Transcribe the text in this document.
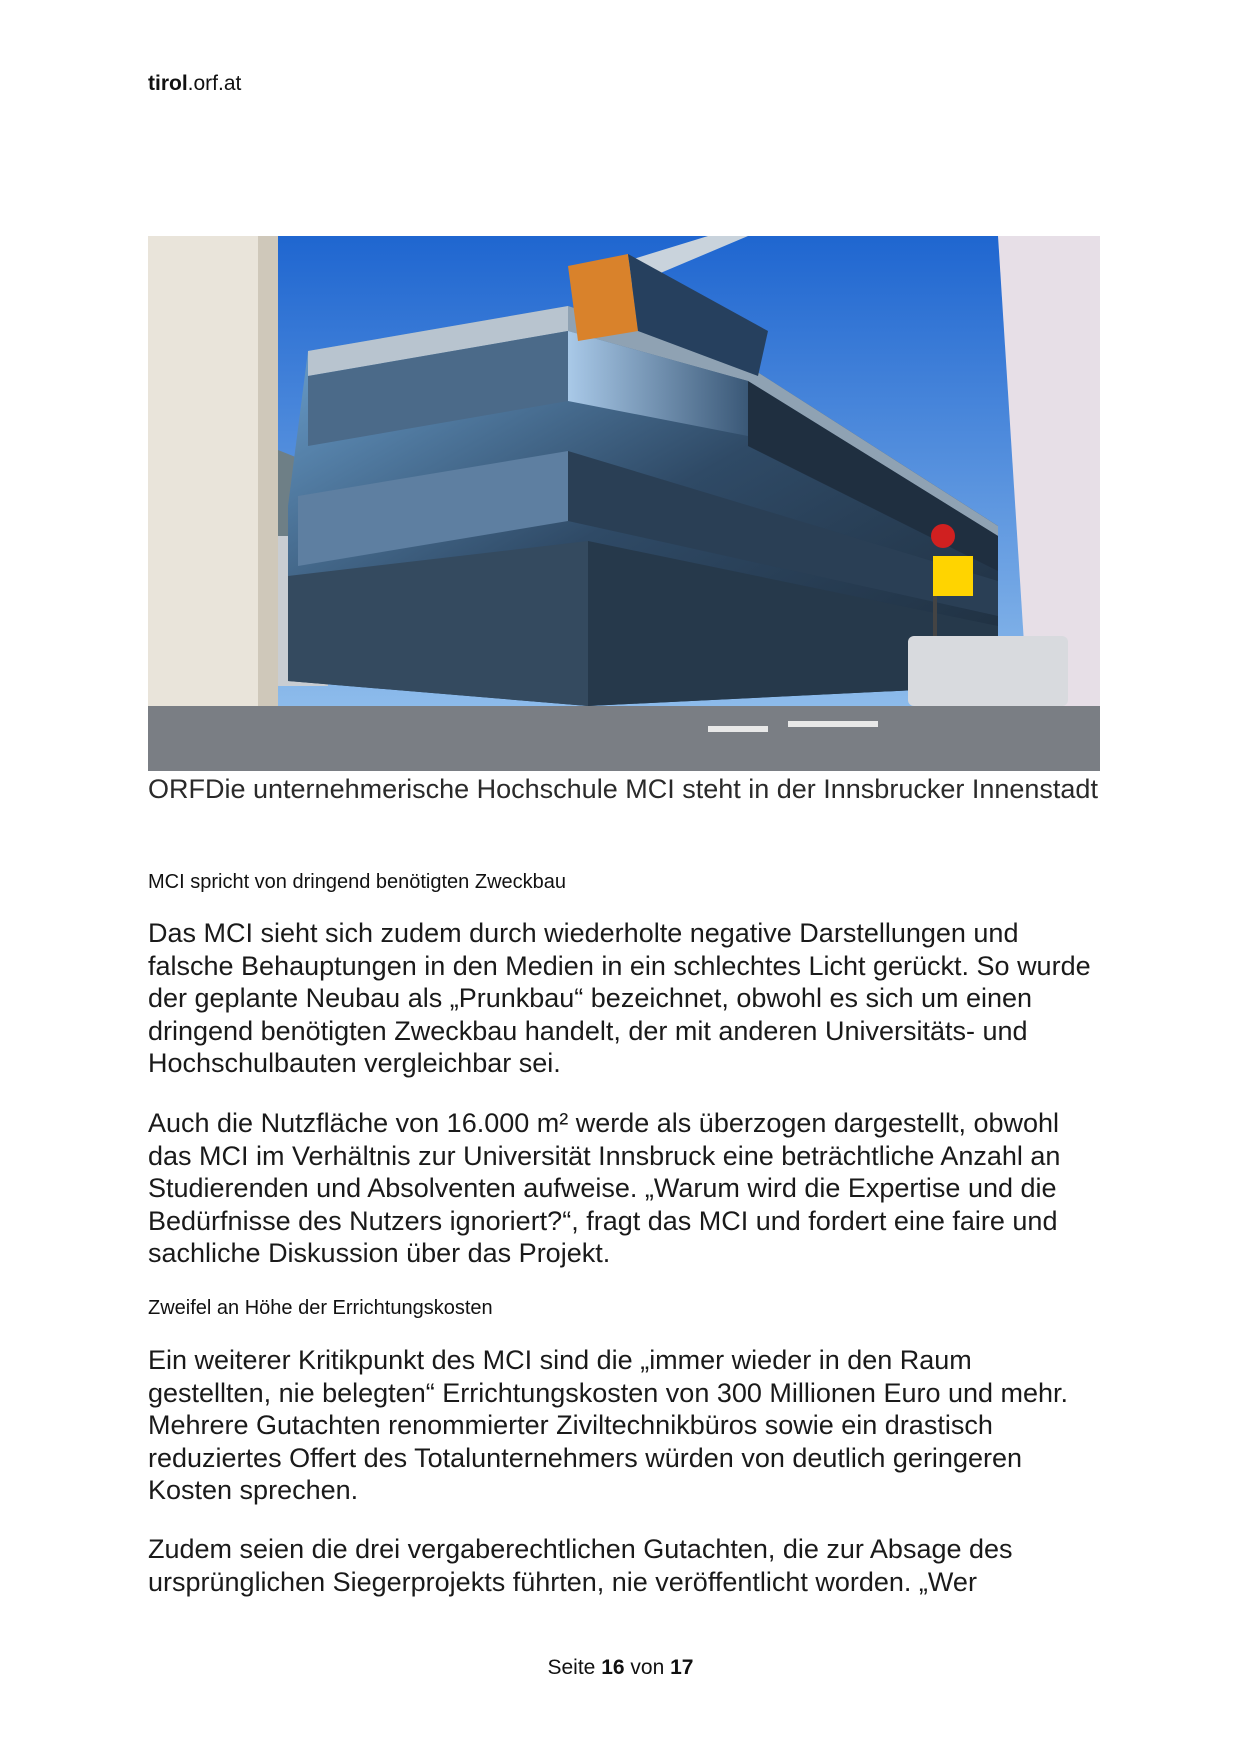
tirol.orf.at
ORFDie unternehmerische Hochschule MCI steht in der Innsbrucker Innenstadt
MCI spricht von dringend benötigten Zweckbau

Das MCI sieht sich zudem durch wiederholte negative Darstellungen und falsche Behauptungen in den Medien in ein schlechtes Licht gerückt. So wurde der geplante Neubau als „Prunkbau“ bezeichnet, obwohl es sich um einen dringend benötigten Zweckbau handelt, der mit anderen Universitäts- und Hochschulbauten vergleichbar sei.

Auch die Nutzfläche von 16.000 m² werde als überzogen dargestellt, obwohl das MCI im Verhältnis zur Universität Innsbruck eine beträchtliche Anzahl an Studierenden und Absolventen aufweise. „Warum wird die Expertise und die Bedürfnisse des Nutzers ignoriert?“, fragt das MCI und fordert eine faire und sachliche Diskussion über das Projekt.

Zweifel an Höhe der Errichtungskosten

Ein weiterer Kritikpunkt des MCI sind die „immer wieder in den Raum gestellten, nie belegten“ Errichtungskosten von 300 Millionen Euro und mehr. Mehrere Gutachten renommierter Ziviltechnikbüros sowie ein drastisch reduziertes Offert des Totalunternehmers würden von deutlich geringeren Kosten sprechen.

Zudem seien die drei vergaberechtlichen Gutachten, die zur Absage des ursprünglichen Siegerprojekts führten, nie veröffentlicht worden. „Wer

Seite 16 von 17
